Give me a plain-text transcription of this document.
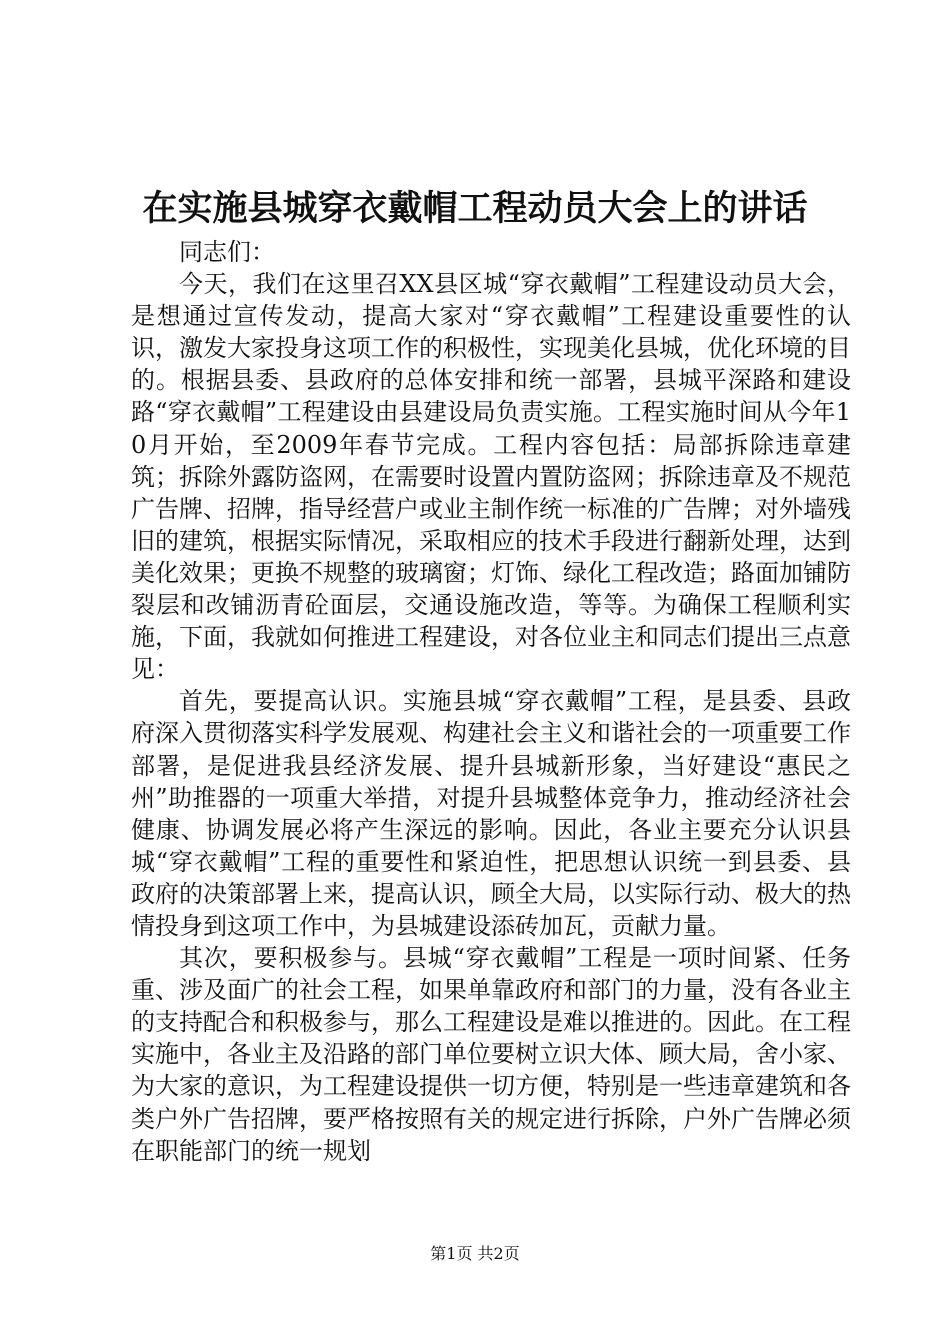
在实施县城穿衣戴帽工程动员大会上的讲话

同志们：

今天，我们在这里召XX县区城“穿衣戴帽”工程建设动员大会，是想通过宣传发动，提高大家对“穿衣戴帽”工程建设重要性的认识，激发大家投身这项工作的积极性，实现美化县城，优化环境的目的。根据县委、县政府的总体安排和统一部署，县城平深路和建设路“穿衣戴帽”工程建设由县建设局负责实施。工程实施时间从今年10月开始，至2009年春节完成。工程内容包括：局部拆除违章建筑；拆除外露防盗网，在需要时设置内置防盗网；拆除违章及不规范广告牌、招牌，指导经营户或业主制作统一标准的广告牌；对外墙残旧的建筑，根据实际情况，采取相应的技术手段进行翻新处理，达到美化效果；更换不规整的玻璃窗；灯饰、绿化工程改造；路面加铺防裂层和改铺沥青砼面层，交通设施改造，等等。为确保工程顺利实施，下面，我就如何推进工程建设，对各位业主和同志们提出三点意见：

首先，要提高认识。实施县城“穿衣戴帽”工程，是县委、县政府深入贯彻落实科学发展观、构建社会主义和谐社会的一项重要工作部署，是促进我县经济发展、提升县城新形象，当好建设“惠民之州”助推器的一项重大举措，对提升县城整体竞争力，推动经济社会健康、协调发展必将产生深远的影响。因此，各业主要充分认识县城“穿衣戴帽”工程的重要性和紧迫性，把思想认识统一到县委、县政府的决策部署上来，提高认识，顾全大局，以实际行动、极大的热情投身到这项工作中，为县城建设添砖加瓦，贡献力量。

其次，要积极参与。县城“穿衣戴帽”工程是一项时间紧、任务重、涉及面广的社会工程，如果单靠政府和部门的力量，没有各业主的支持配合和积极参与，那么工程建设是难以推进的。因此。在工程实施中，各业主及沿路的部门单位要树立识大体、顾大局，舍小家、为大家的意识，为工程建设提供一切方便，特别是一些违章建筑和各类户外广告招牌，要严格按照有关的规定进行拆除，户外广告牌必须在职能部门的统一规划

第1页 共2页
